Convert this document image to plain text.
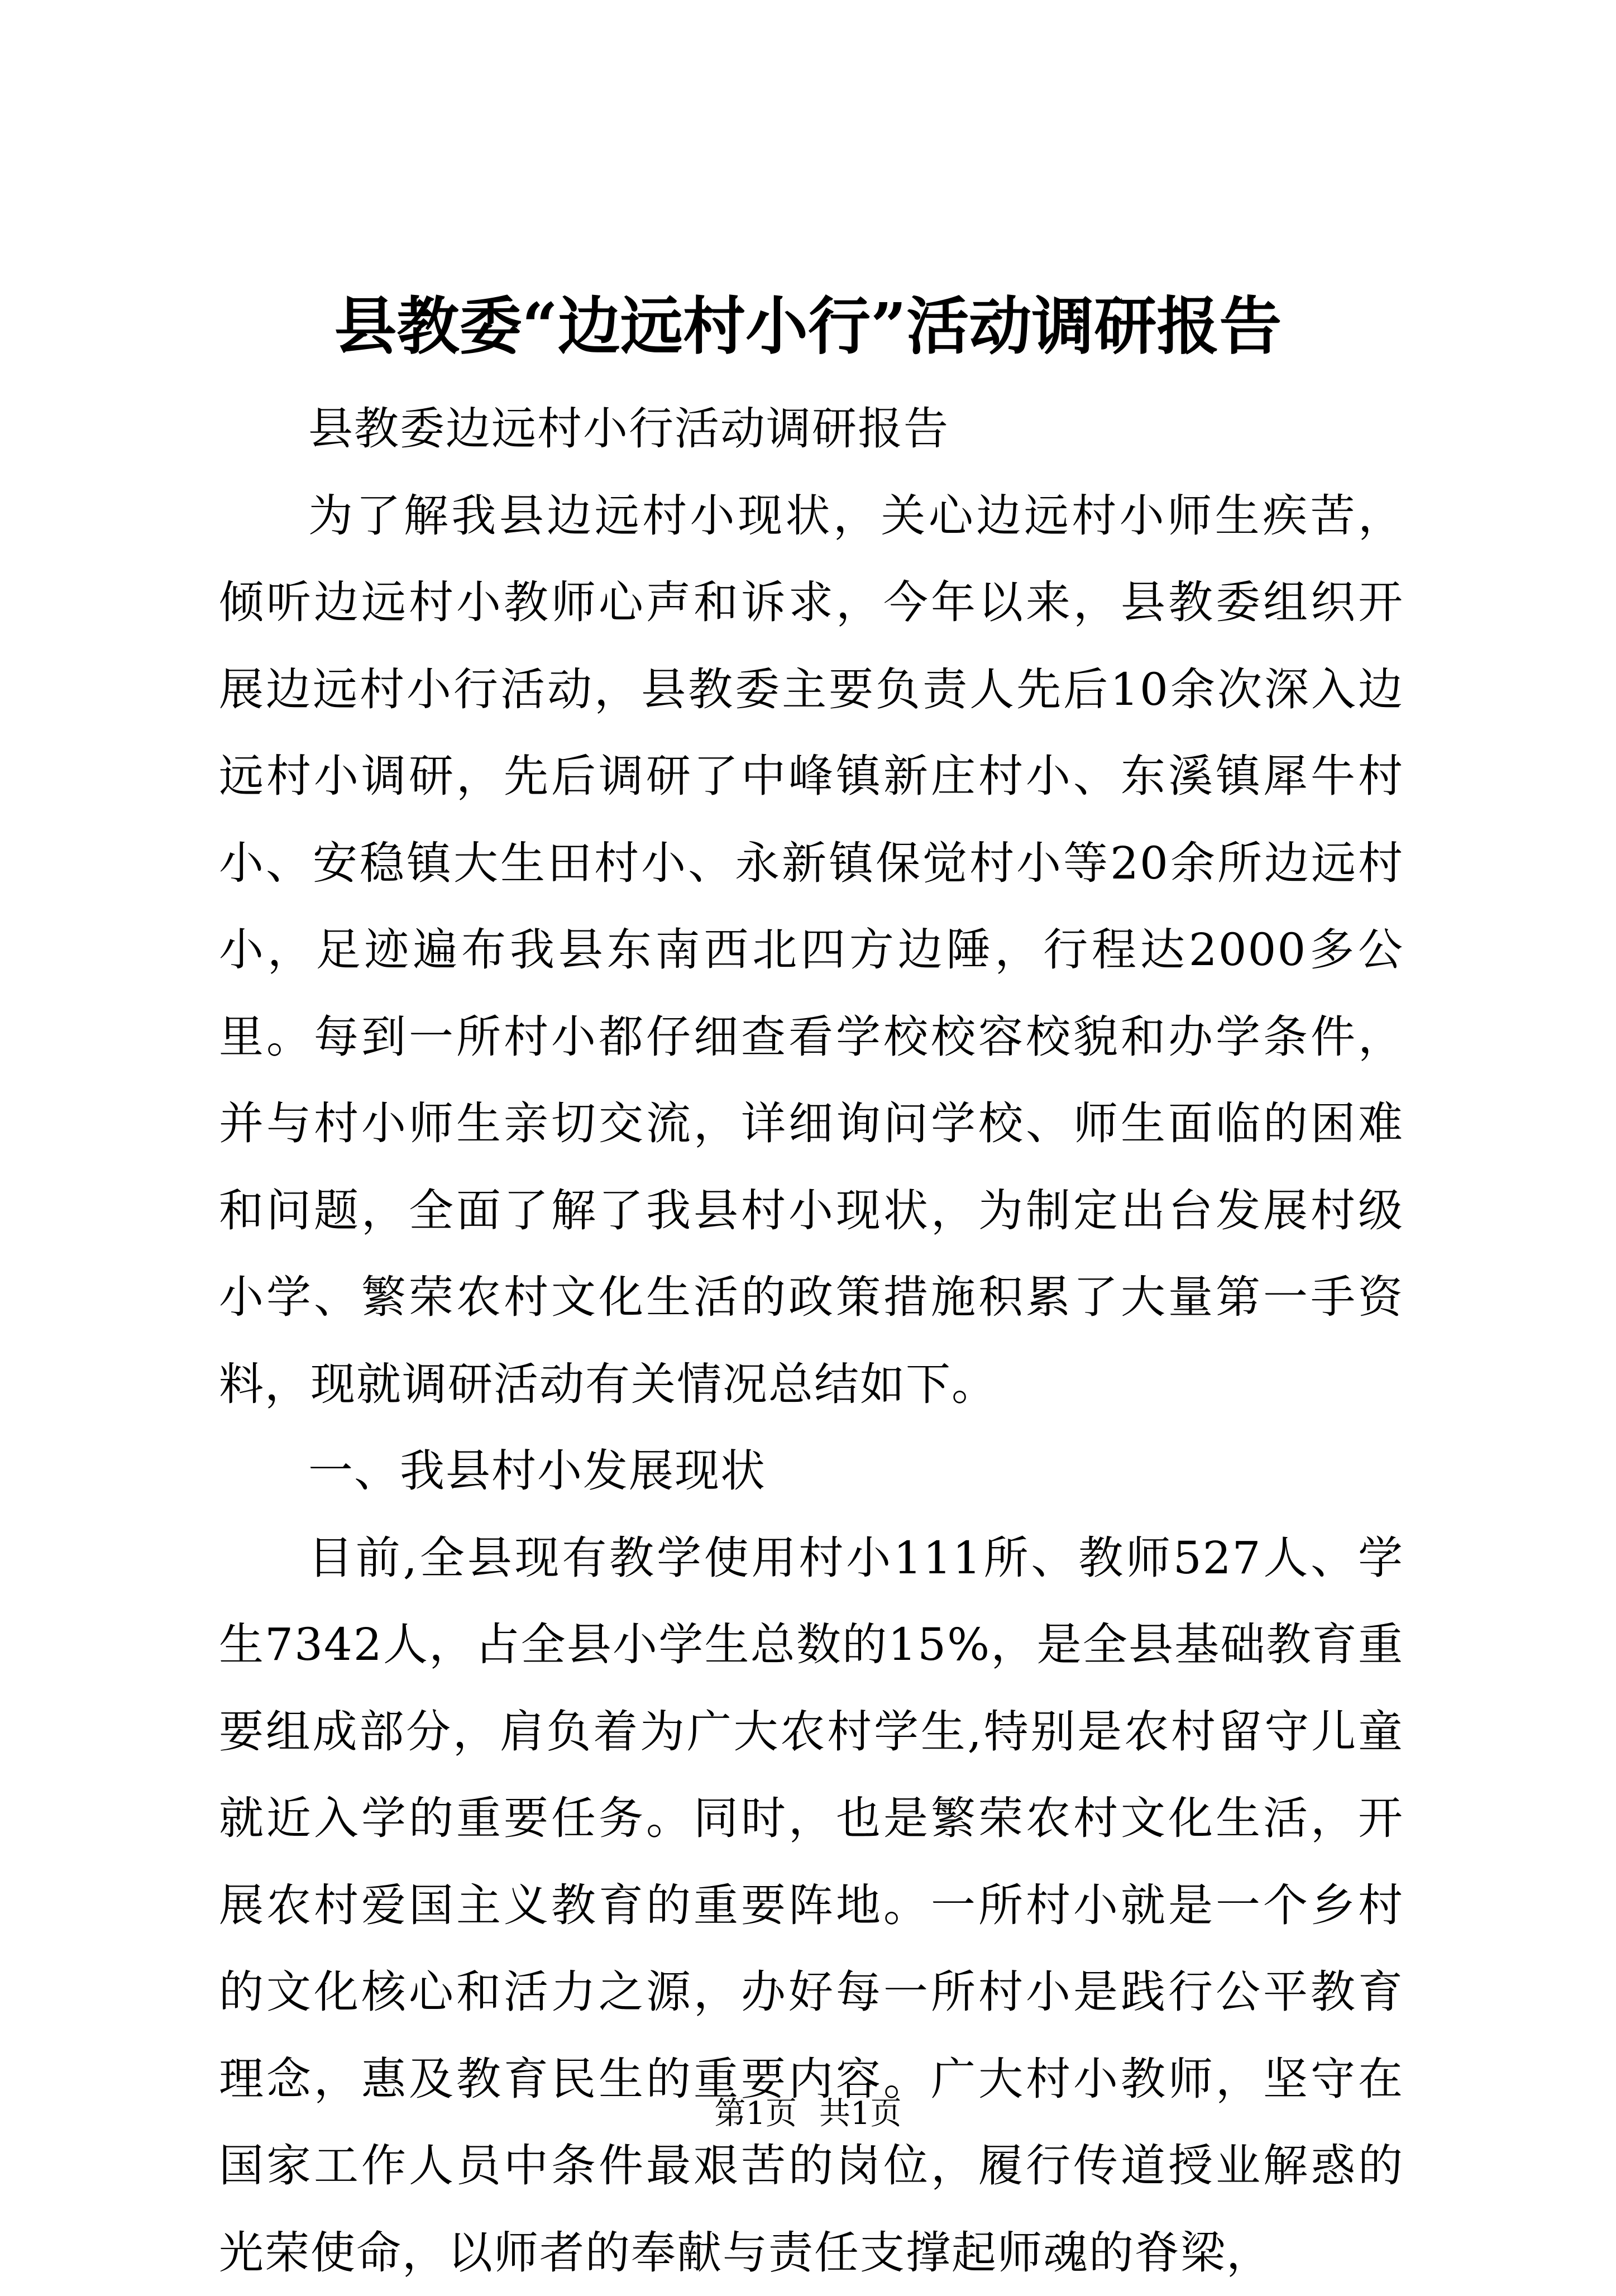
县教委“边远村小行”活动调研报告

县教委边远村小行活动调研报告

为了解我县边远村小现状，关心边远村小师生疾苦，倾听边远村小教师心声和诉求，今年以来，县教委组织开展边远村小行活动，县教委主要负责人先后10余次深入边远村小调研，先后调研了中峰镇新庄村小、东溪镇犀牛村小、安稳镇大生田村小、永新镇保觉村小等20余所边远村小，足迹遍布我县东南西北四方边陲，行程达2000多公里。每到一所村小都仔细查看学校校容校貌和办学条件，并与村小师生亲切交流，详细询问学校、师生面临的困难和问题，全面了解了我县村小现状，为制定出台发展村级小学、繁荣农村文化生活的政策措施积累了大量第一手资料，现就调研活动有关情况总结如下。

一、我县村小发展现状

目前,全县现有教学使用村小111所、教师527人、学生7342人，占全县小学生总数的15%，是全县基础教育重要组成部分，肩负着为广大农村学生,特别是农村留守儿童就近入学的重要任务。同时，也是繁荣农村文化生活，开展农村爱国主义教育的重要阵地。一所村小就是一个乡村的文化核心和活力之源，办好每一所村小是践行公平教育理念，惠及教育民生的重要内容。广大村小教师，坚守在国家工作人员中条件最艰苦的岗位，履行传道授业解惑的光荣使命，以师者的奉献与责任支撑起师魂的脊梁，

第1页 共1页
